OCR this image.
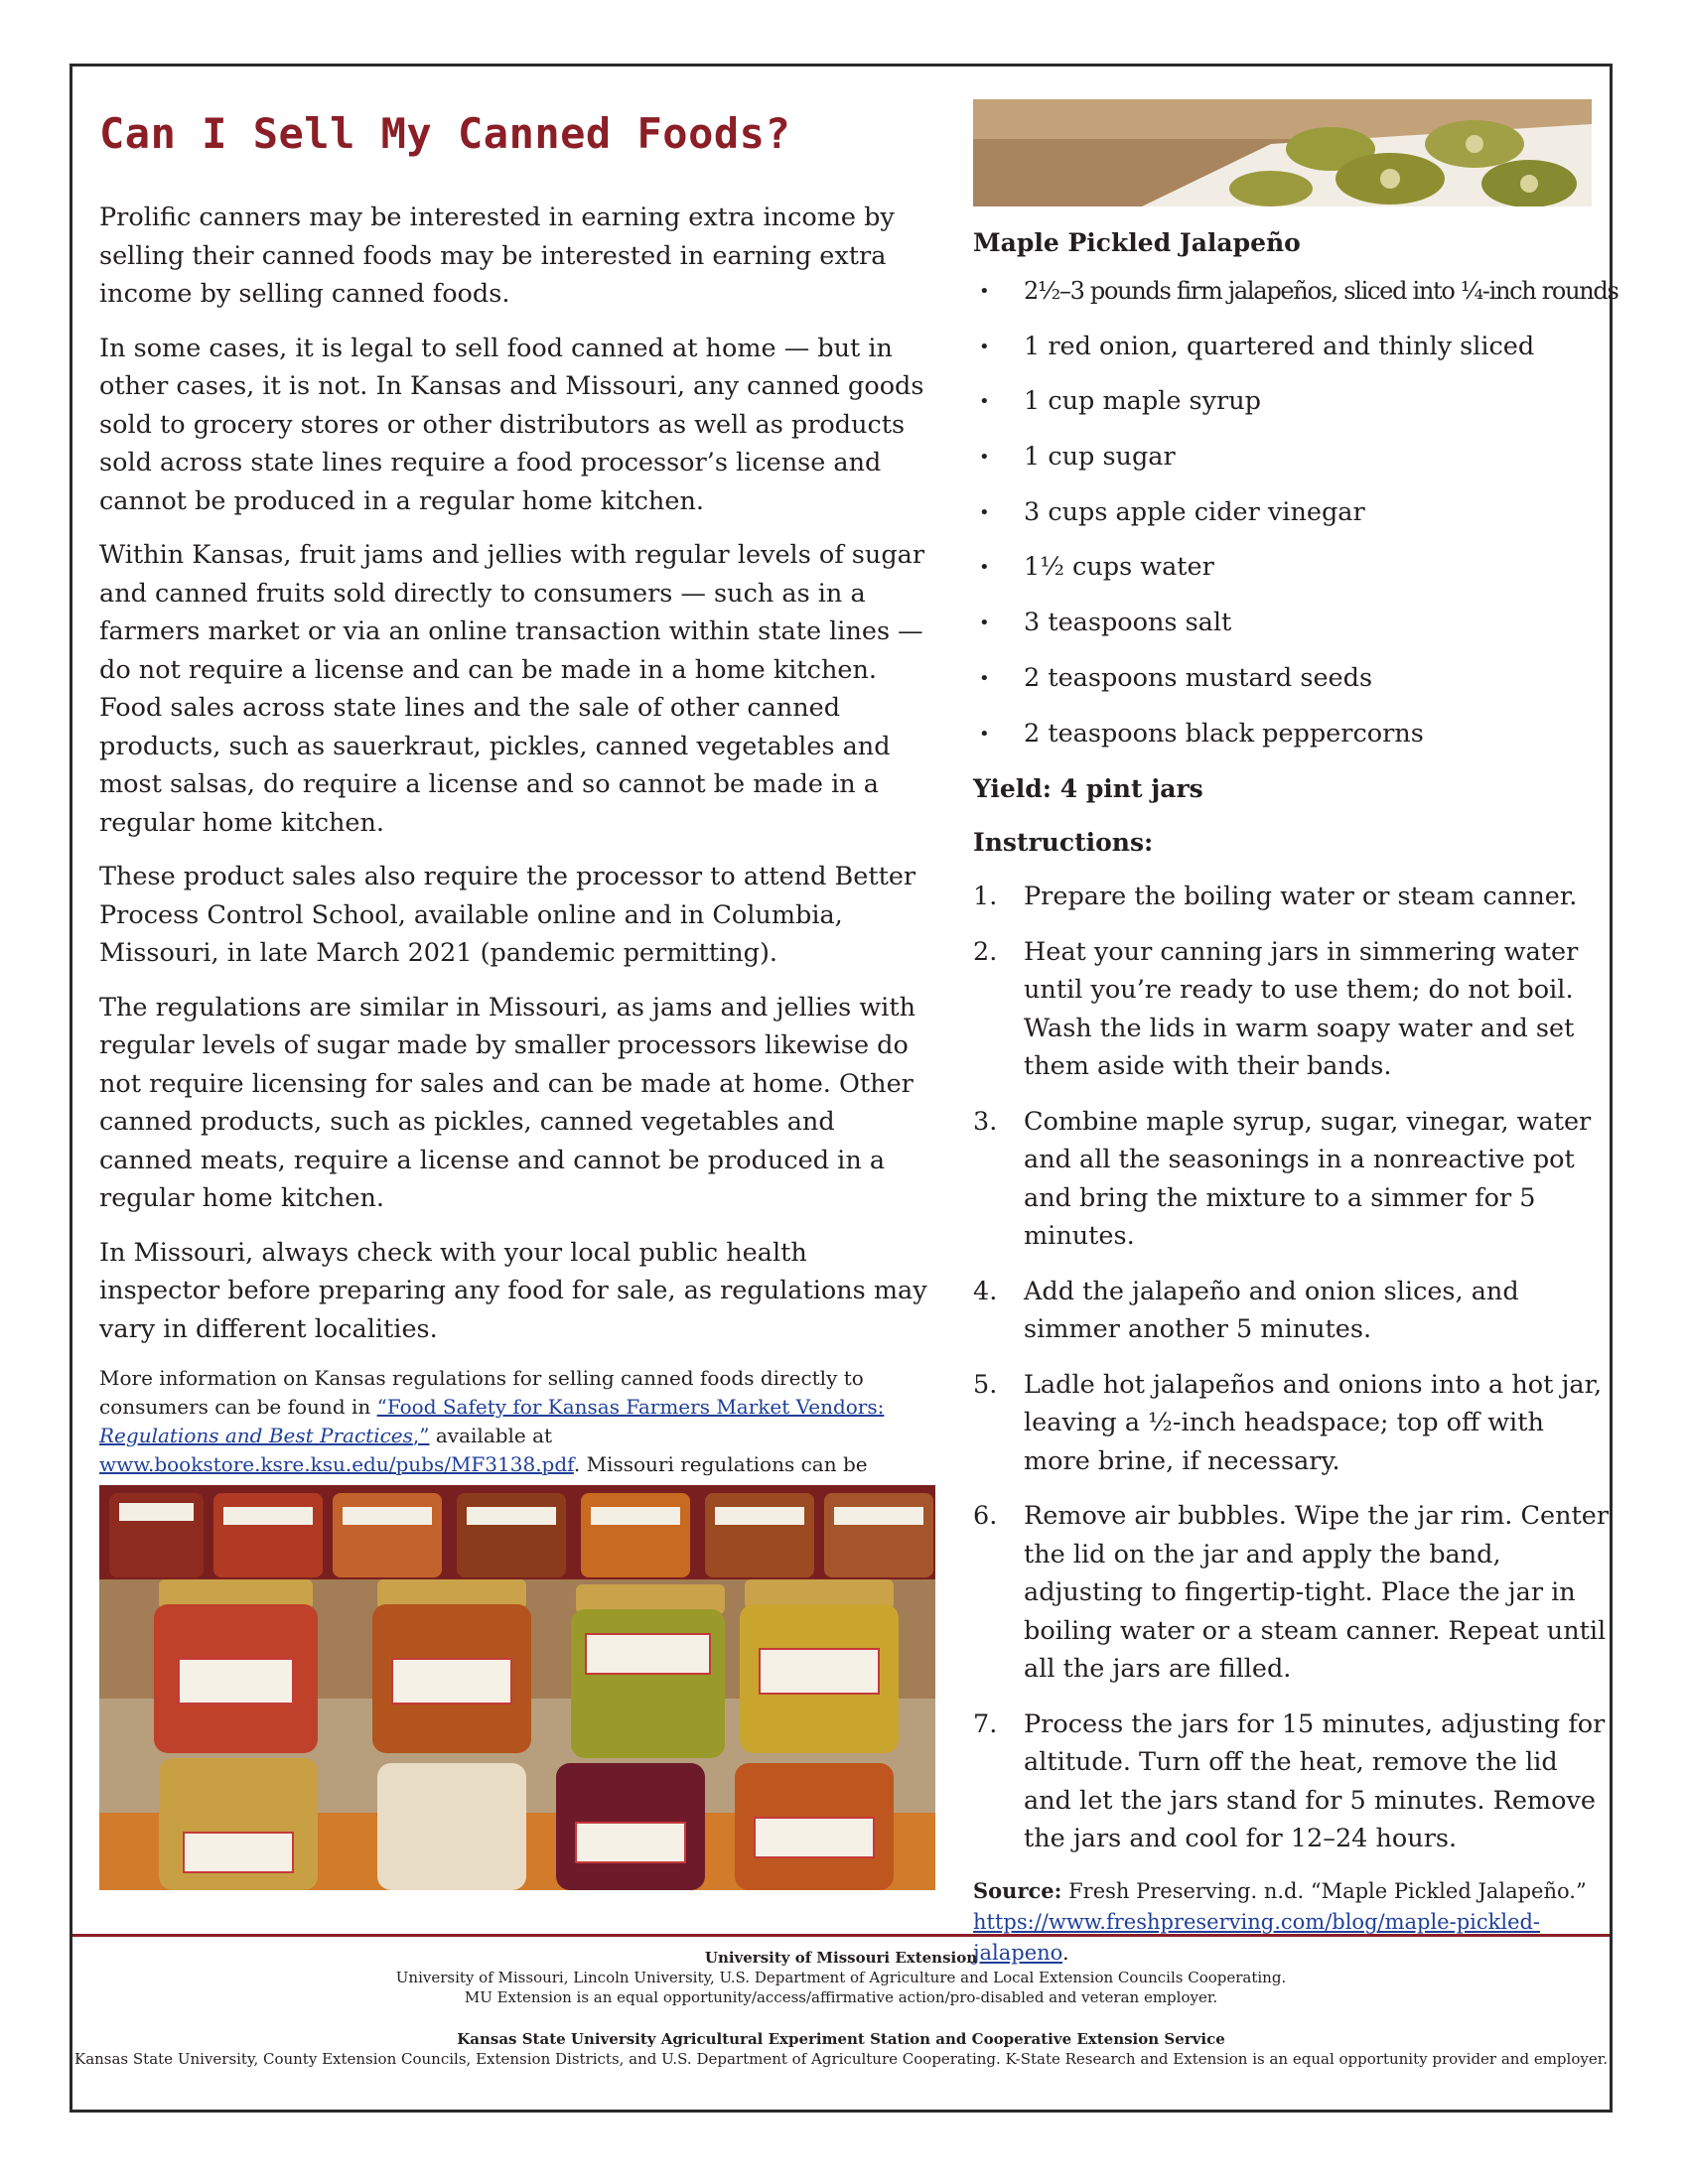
Can I Sell My Canned Foods?

Prolific canners may be interested in earning extra income by selling their canned foods may be interested in earning extra income by selling canned foods.

In some cases, it is legal to sell food canned at home — but in other cases, it is not. In Kansas and Missouri, any canned goods sold to grocery stores or other distributors as well as products sold across state lines require a food processor’s license and cannot be produced in a regular home kitchen.

Within Kansas, fruit jams and jellies with regular levels of sugar and canned fruits sold directly to consumers — such as in a farmers market or via an online transaction within state lines — do not require a license and can be made in a home kitchen. Food sales across state lines and the sale of other canned products, such as sauerkraut, pickles, canned vegetables and most salsas, do require a license and so cannot be made in a regular home kitchen.

These product sales also require the processor to attend Better Process Control School, available online and in Columbia, Missouri, in late March 2021 (pandemic permitting).

The regulations are similar in Missouri, as jams and jellies with regular levels of sugar made by smaller processors likewise do not require licensing for sales and can be made at home. Other canned products, such as pickles, canned vegetables and canned meats, require a license and cannot be produced in a regular home kitchen.

In Missouri, always check with your local public health inspector before preparing any food for sale, as regulations may vary in different localities.

More information on Kansas regulations for selling canned foods directly to consumers can be found in “Food Safety for Kansas Farmers Market Vendors: Regulations and Best Practices,” available at www.bookstore.ksre.ksu.edu/pubs/MF3138.pdf. Missouri regulations can be

Maple Pickled Jalapeño
• 2½–3 pounds firm jalapeños, sliced into ¼-inch rounds
• 1 red onion, quartered and thinly sliced
• 1 cup maple syrup
• 1 cup sugar
• 3 cups apple cider vinegar
• 1½ cups water
• 3 teaspoons salt
• 2 teaspoons mustard seeds
• 2 teaspoons black peppercorns
Yield: 4 pint jars
Instructions:
1. Prepare the boiling water or steam canner.
2. Heat your canning jars in simmering water until you’re ready to use them; do not boil. Wash the lids in warm soapy water and set them aside with their bands.
3. Combine maple syrup, sugar, vinegar, water and all the seasonings in a nonreactive pot and bring the mixture to a simmer for 5 minutes.
4. Add the jalapeño and onion slices, and simmer another 5 minutes.
5. Ladle hot jalapeños and onions into a hot jar, leaving a ½-inch headspace; top off with more brine, if necessary.
6. Remove air bubbles. Wipe the jar rim. Center the lid on the jar and apply the band, adjusting to fingertip-tight. Place the jar in boiling water or a steam canner. Repeat until all the jars are filled.
7. Process the jars for 15 minutes, adjusting for altitude. Turn off the heat, remove the lid and let the jars stand for 5 minutes. Remove the jars and cool for 12–24 hours.
Source: Fresh Preserving. n.d. “Maple Pickled Jalapeño.” https://www.freshpreserving.com/blog/maple-pickled-jalapeno.
University of Missouri Extension
University of Missouri, Lincoln University, U.S. Department of Agriculture and Local Extension Councils Cooperating.
MU Extension is an equal opportunity/access/affirmative action/pro-disabled and veteran employer.
Kansas State University Agricultural Experiment Station and Cooperative Extension Service
Kansas State University, County Extension Councils, Extension Districts, and U.S. Department of Agriculture Cooperating. K-State Research and Extension is an equal opportunity provider and employer.
